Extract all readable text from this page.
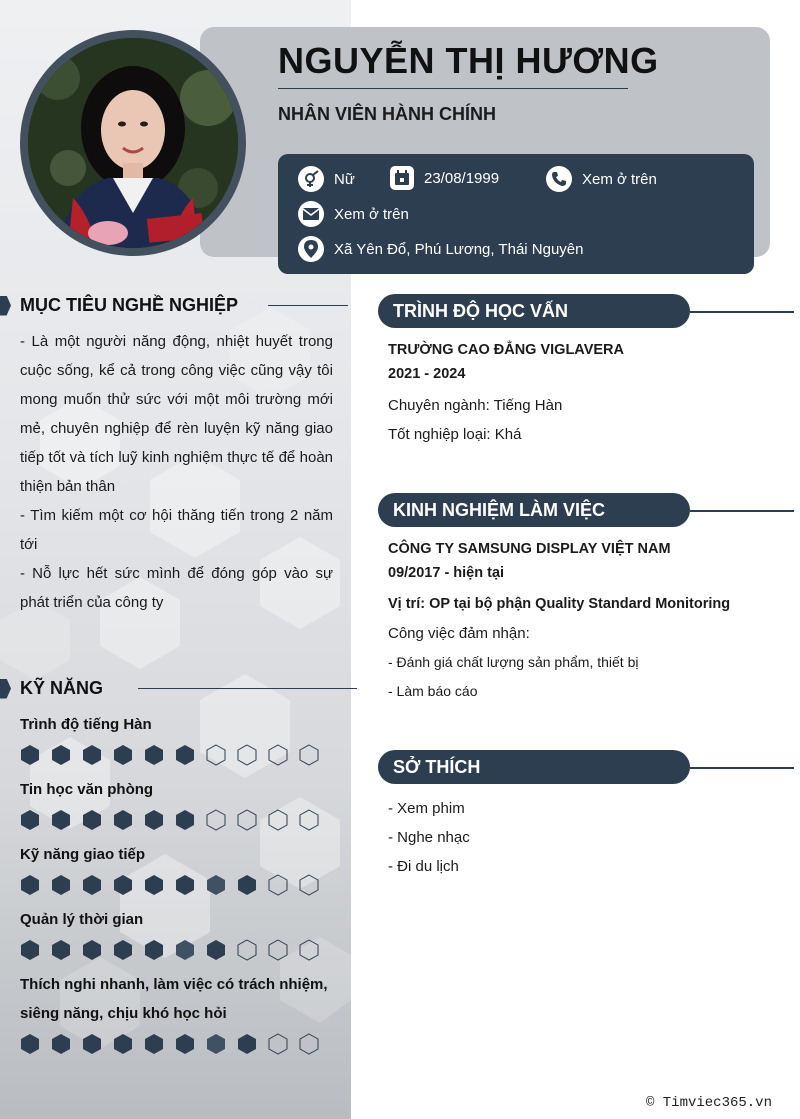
NGUYỄN THỊ HƯƠNG
NHÂN VIÊN HÀNH CHÍNH
Nữ	23/08/1999	Xem ở trên
Xem ở trên
Xã Yên Đổ, Phú Lương, Thái Nguyên
MỤC TIÊU NGHỀ NGHIỆP
- Là một người năng động, nhiệt huyết trong cuộc sống, kể cả trong công việc cũng vậy tôi mong muốn thử sức với một môi trường mới mẻ, chuyên nghiệp để rèn luyện kỹ năng giao tiếp tốt và tích luỹ kinh nghiệm thực tế để hoàn thiện bản thân
- Tìm kiếm một cơ hội thăng tiến trong 2 năm tới
- Nỗ lực hết sức mình để đóng góp vào sự phát triển của công ty
KỸ NĂNG
Trình độ tiếng Hàn
Tin học văn phòng
Kỹ năng giao tiếp
Quản lý thời gian
Thích nghi nhanh, làm việc có trách nhiệm, siêng năng, chịu khó học hỏi
TRÌNH ĐỘ HỌC VẤN
TRƯỜNG CAO ĐẲNG VIGLAVERA
2021 - 2024
Chuyên ngành: Tiếng Hàn
Tốt nghiệp loại: Khá
KINH NGHIỆM LÀM VIỆC
CÔNG TY SAMSUNG DISPLAY VIỆT NAM
09/2017 - hiện tại
Vị trí: OP tại bộ phận Quality Standard Monitoring
Công việc đảm nhận:
- Đánh giá chất lượng sản phẩm, thiết bị
- Làm báo cáo
SỞ THÍCH
- Xem phim
- Nghe nhạc
- Đi du lịch
© Timviec365.vn
